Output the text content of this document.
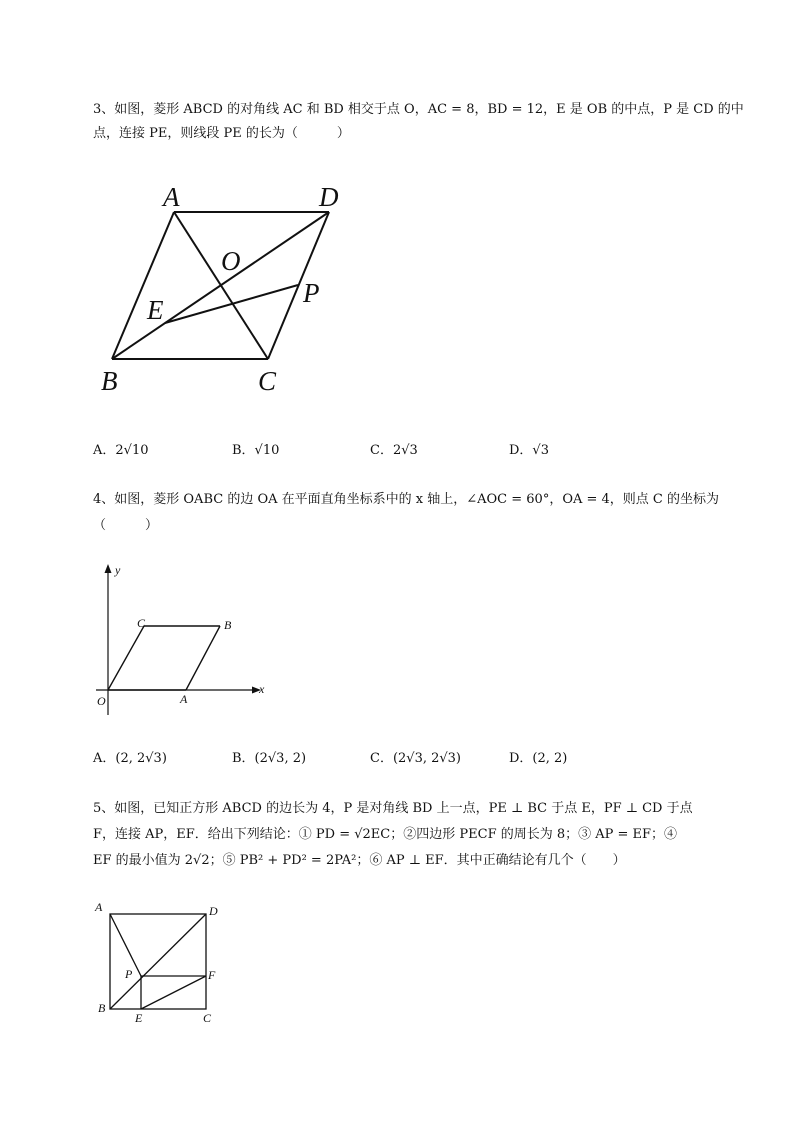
3、如图，菱形 ABCD 的对角线 AC 和 BD 相交于点 O，AC = 8，BD = 12，E 是 OB 的中点，P 是 CD 的中
点，连接 PE，则线段 PE 的长为（　　　）
A	D
O
P
E
B	C
A．2√10	B．√10	C．2√3	D．√3
4、如图，菱形 OABC 的边 OA 在平面直角坐标系中的 x 轴上，∠AOC = 60°，OA = 4，则点 C 的坐标为
（　　　）
y
x
O	A
B
C
A．(2, 2√3)	B．(2√3, 2)	C．(2√3, 2√3)	D．(2, 2)
5、如图，已知正方形 ABCD 的边长为 4，P 是对角线 BD 上一点，PE ⊥ BC 于点 E，PF ⊥ CD 于点
F，连接 AP，EF．给出下列结论：① PD = √2EC；②四边形 PECF 的周长为 8；③ AP = EF；④
EF 的最小值为 2√2；⑤ PB² + PD² = 2PA²；⑥ AP ⊥ EF．其中正确结论有几个（　　）
A	D
P	F
B
E	C
